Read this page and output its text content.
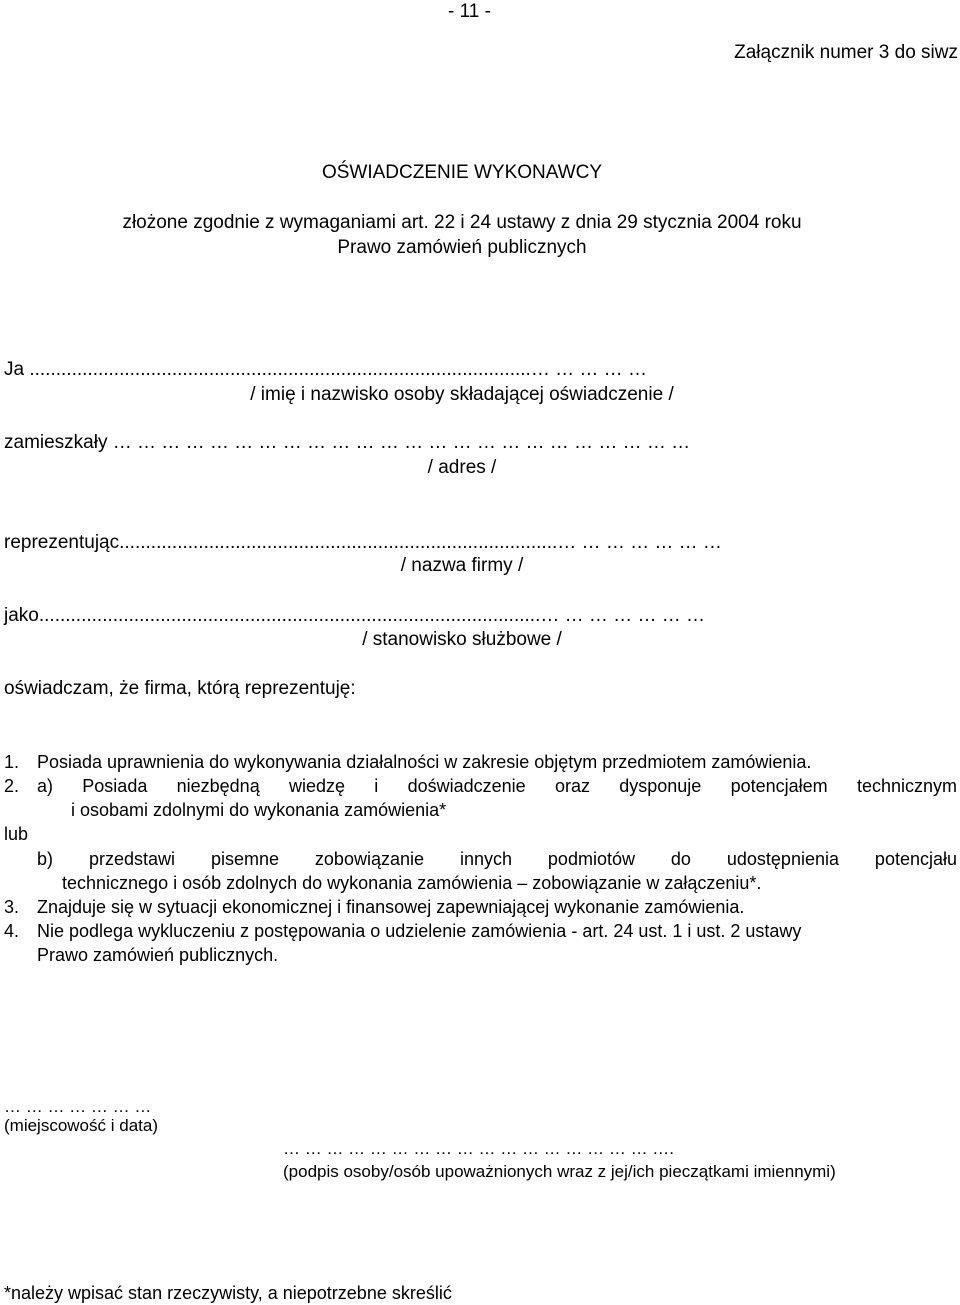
- 11 -
Załącznik numer 3 do siwz
OŚWIADCZENIE WYKONAWCY
złożone zgodnie z wymaganiami art. 22 i 24 ustawy z dnia 29 stycznia 2004 roku
Prawo zamówień publicznych
Ja ...............................................................................................… … … … …
/ imię i nazwisko osoby składającej oświadczenie /
zamieszkały … … … … … … … … … … … … … … … … … … … … … … … …
/ adres /
reprezentując...................................................................................… … … … … … …
/ nazwa firmy /
jako...............................................................................................… … … … … … …
/ stanowisko służbowe /
oświadczam, że firma, którą reprezentuję:
1. Posiada uprawnienia do wykonywania działalności w zakresie objętym przedmiotem zamówienia.
2. a) Posiada niezbędną wiedzę i doświadczenie oraz dysponuje potencjałem technicznym
i osobami zdolnymi do wykonania zamówienia*
lub
b) przedstawi pisemne zobowiązanie innych podmiotów do udostępnienia potencjału
technicznego i osób zdolnych do wykonania zamówienia – zobowiązanie w załączeniu*.
3. Znajduje się w sytuacji ekonomicznej i finansowej zapewniającej wykonanie zamówienia.
4. Nie podlega wykluczeniu z postępowania o udzielenie zamówienia - art. 24 ust. 1 i ust. 2 ustawy
Prawo zamówień publicznych.
… … … … … … …
(miejscowość i data)
… … … … … … … … … … … … … … … … … ….
(podpis osoby/osób upoważnionych wraz z jej/ich pieczątkami imiennymi)
*należy wpisać stan rzeczywisty, a niepotrzebne skreślić
